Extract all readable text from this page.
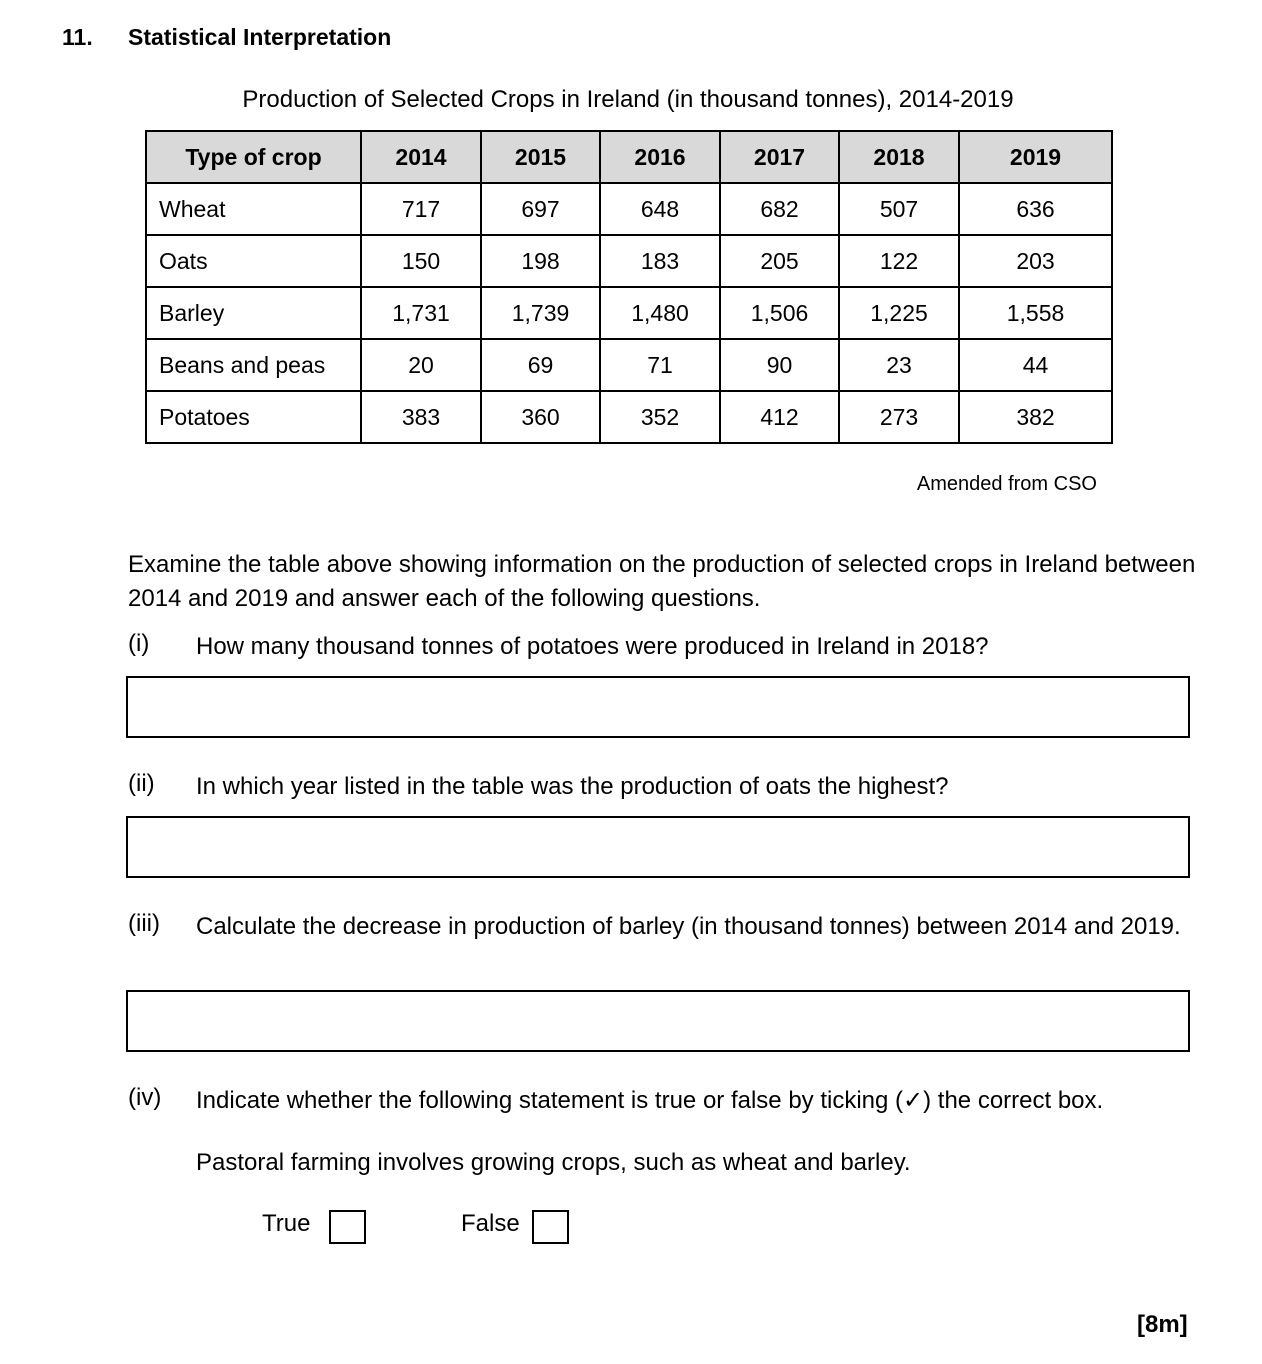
11. Statistical Interpretation
Production of Selected Crops in Ireland (in thousand tonnes), 2014-2019
Type of crop	2014	2015	2016	2017	2018	2019
Wheat	717	697	648	682	507	636
Oats	150	198	183	205	122	203
Barley	1,731	1,739	1,480	1,506	1,225	1,558
Beans and peas	20	69	71	90	23	44
Potatoes	383	360	352	412	273	382
Amended from CSO
Examine the table above showing information on the production of selected crops in Ireland between 2014 and 2019 and answer each of the following questions.
(i) How many thousand tonnes of potatoes were produced in Ireland in 2018?
(ii) In which year listed in the table was the production of oats the highest?
(iii) Calculate the decrease in production of barley (in thousand tonnes) between 2014 and 2019.
(iv) Indicate whether the following statement is true or false by ticking (✓) the correct box.
Pastoral farming involves growing crops, such as wheat and barley.
True	False
[8m]
